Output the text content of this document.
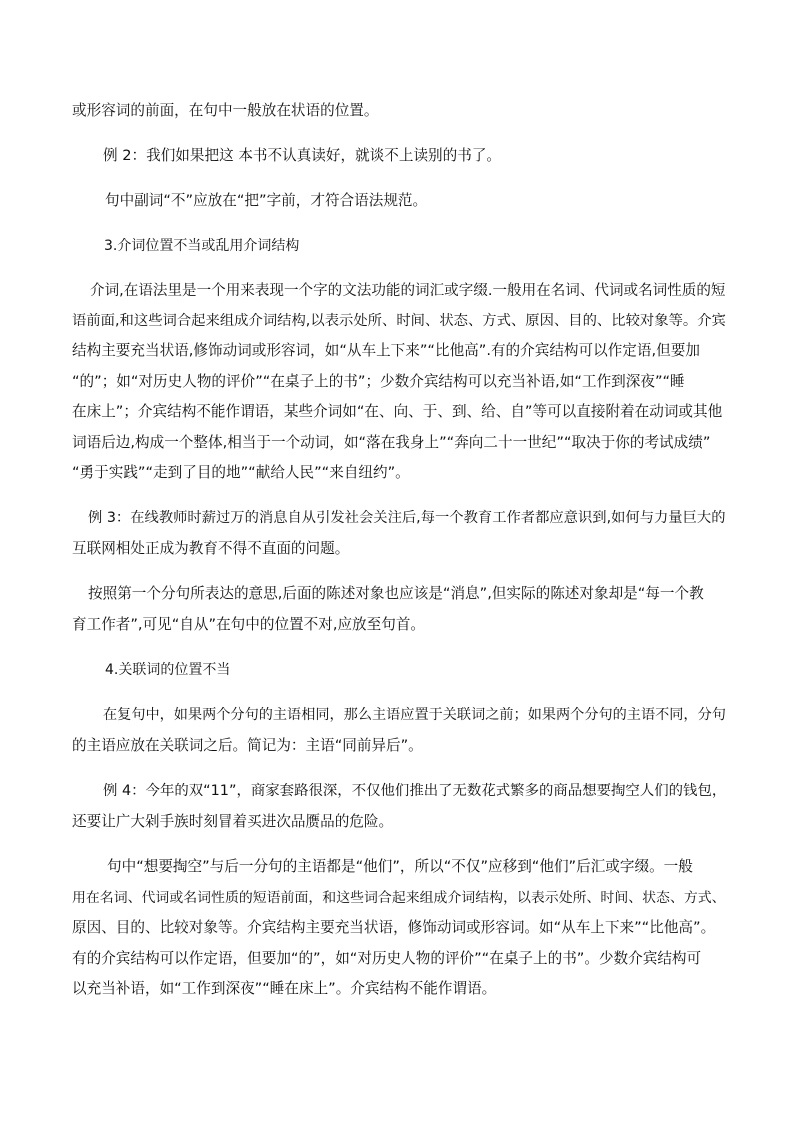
或形容词的前面，在句中一般放在状语的位置。
例 2：我们如果把这 本书不认真读好，就谈不上读别的书了。
句中副词“不”应放在“把”字前，才符合语法规范。
3.介词位置不当或乱用介词结构
介词,在语法里是一个用来表现一个字的文法功能的词汇或字缀.一般用在名词、代词或名词性质的短
语前面,和这些词合起来组成介词结构,以表示处所、时间、状态、方式、原因、目的、比较对象等。介宾
结构主要充当状语,修饰动词或形容词，如“从车上下来”“比他高”.有的介宾结构可以作定语,但要加
“的”；如“对历史人物的评价”“在桌子上的书”；少数介宾结构可以充当补语,如“工作到深夜”“睡
在床上”；介宾结构不能作谓语，某些介词如“在、向、于、到、给、自”等可以直接附着在动词或其他
词语后边,构成一个整体,相当于一个动词，如“落在我身上”“奔向二十一世纪”“取决于你的考试成绩”
“勇于实践”“走到了目的地”“献给人民”“来自纽约”。
例 3：在线教师时薪过万的消息自从引发社会关注后,每一个教育工作者都应意识到,如何与力量巨大的
互联网相处正成为教育不得不直面的问题。
按照第一个分句所表达的意思,后面的陈述对象也应该是“消息”,但实际的陈述对象却是“每一个教
育工作者”,可见“自从”在句中的位置不对,应放至句首。
4.关联词的位置不当
在复句中，如果两个分句的主语相同，那么主语应置于关联词之前；如果两个分句的主语不同，分句
的主语应放在关联词之后。简记为：主语“同前异后”。
例 4：今年的双“11”，商家套路很深，不仅他们推出了无数花式繁多的商品想要掏空人们的钱包，
还要让广大剁手族时刻冒着买进次品赝品的危险。
句中“想要掏空”与后一分句的主语都是“他们”，所以“不仅”应移到“他们”后汇或字缀。一般
用在名词、代词或名词性质的短语前面，和这些词合起来组成介词结构，以表示处所、时间、状态、方式、
原因、目的、比较对象等。介宾结构主要充当状语，修饰动词或形容词。如“从车上下来”“比他高”。
有的介宾结构可以作定语，但要加“的”，如“对历史人物的评价”“在桌子上的书”。少数介宾结构可
以充当补语，如“工作到深夜”“睡在床上”。介宾结构不能作谓语。
